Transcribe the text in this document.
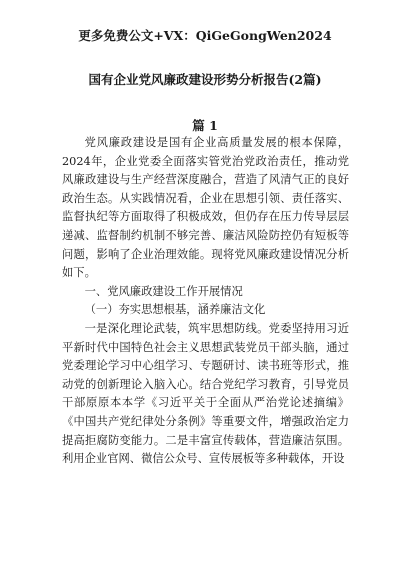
更多免费公文+VX：QiGeGongWen2024
国有企业党风廉政建设形势分析报告(2篇)
篇 1

党风廉政建设是国有企业高质量发展的根本保障，2024年，企业党委全面落实管党治党政治责任，推动党风廉政建设与生产经营深度融合，营造了风清气正的良好政治生态。从实践情况看，企业在思想引领、责任落实、监督执纪等方面取得了积极成效，但仍存在压力传导层层递减、监督制约机制不够完善、廉洁风险防控仍有短板等问题，影响了企业治理效能。现将党风廉政建设情况分析如下。

一、党风廉政建设工作开展情况

（一）夯实思想根基，涵养廉洁文化

一是深化理论武装，筑牢思想防线。党委坚持用习近平新时代中国特色社会主义思想武装党员干部头脑，通过党委理论学习中心组学习、专题研讨、读书班等形式，推动党的创新理论入脑入心。结合党纪学习教育，引导党员干部原原本本学《习近平关于全面从严治党论述摘编》《中国共产党纪律处分条例》等重要文件，增强政治定力提高拒腐防变能力。二是丰富宣传载体，营造廉洁氛围。利用企业官网、微信公众号、宣传展板等多种载体，开设
